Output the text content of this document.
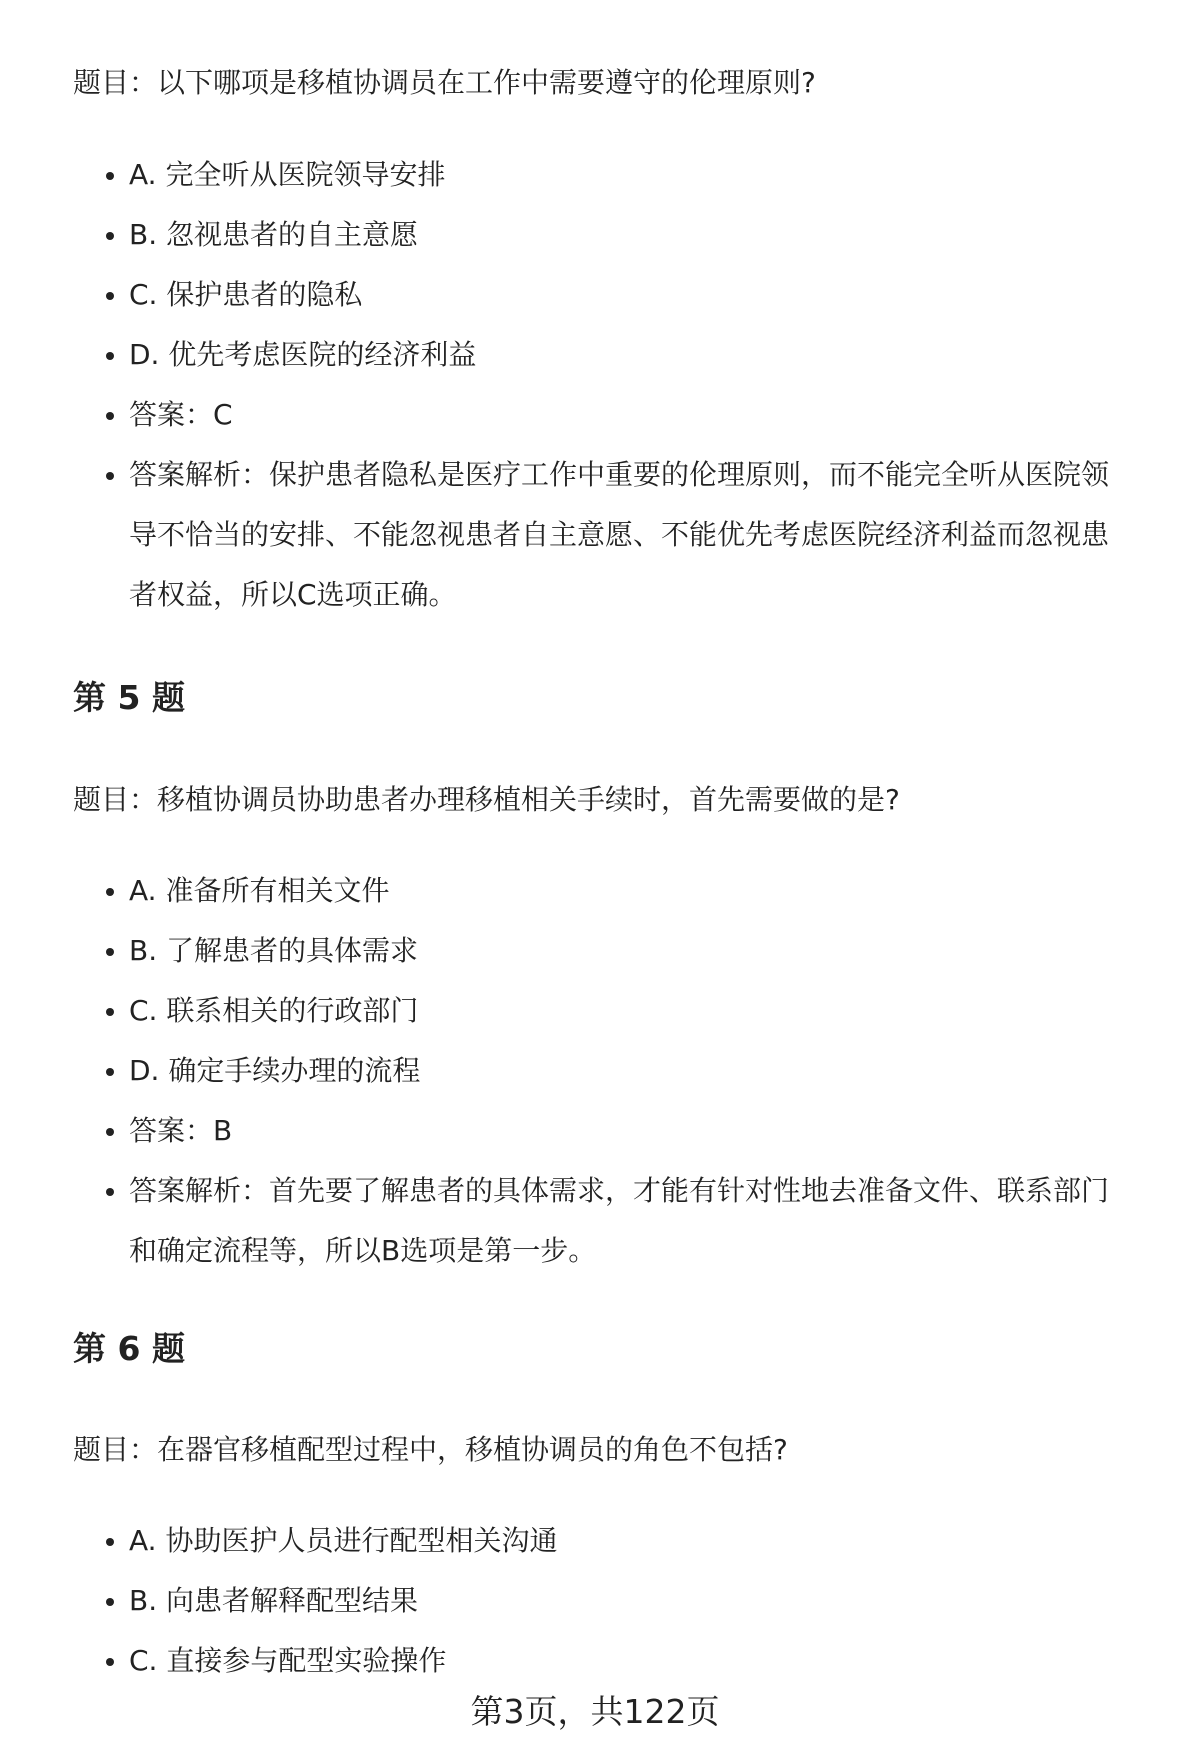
题目：以下哪项是移植协调员在工作中需要遵守的伦理原则?
A. 完全听从医院领导安排
B. 忽视患者的自主意愿
C. 保护患者的隐私
D. 优先考虑医院的经济利益
答案：C
答案解析：保护患者隐私是医疗工作中重要的伦理原则，而不能完全听从医院领导不恰当的安排、不能忽视患者自主意愿、不能优先考虑医院经济利益而忽视患者权益，所以C选项正确。
第 5 题
题目：移植协调员协助患者办理移植相关手续时，首先需要做的是?
A. 准备所有相关文件
B. 了解患者的具体需求
C. 联系相关的行政部门
D. 确定手续办理的流程
答案：B
答案解析：首先要了解患者的具体需求，才能有针对性地去准备文件、联系部门和确定流程等，所以B选项是第一步。
第 6 题
题目：在器官移植配型过程中，移植协调员的角色不包括?
A. 协助医护人员进行配型相关沟通
B. 向患者解释配型结果
C. 直接参与配型实验操作
第3页，共122页
